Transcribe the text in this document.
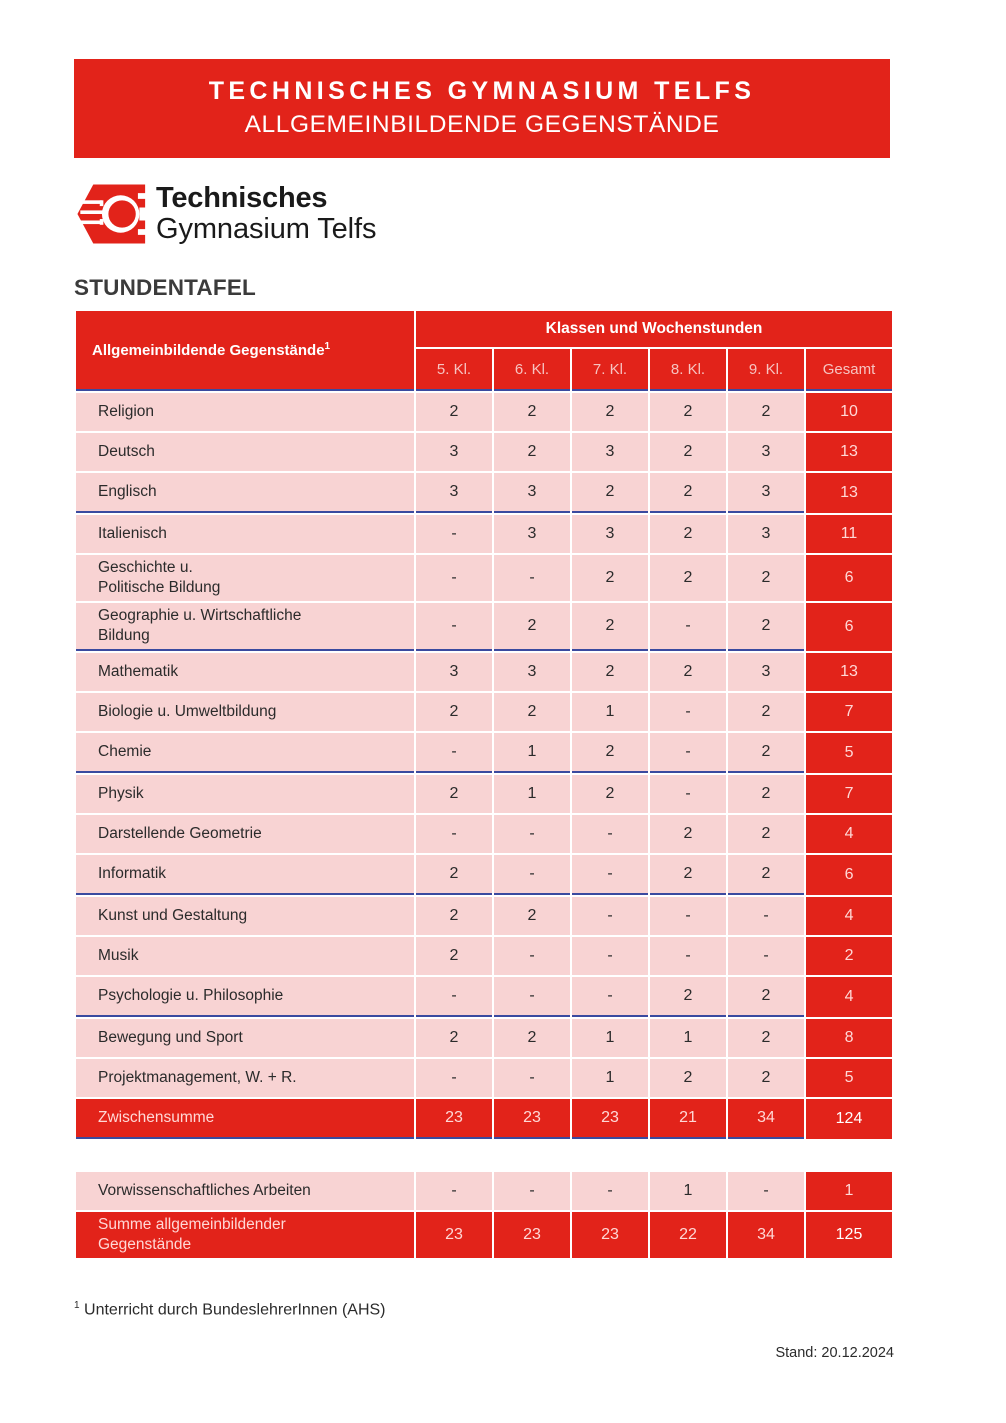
TECHNISCHES GYMNASIUM TELFS
ALLGEMEINBILDENDE GEGENSTÄNDE
Technisches
Gymnasium Telfs
STUNDENTAFEL
Allgemeinbildende Gegenstände$^1$	Klassen und Wochenstunden					
	5. Kl.	6. Kl.	7. Kl.	8. Kl.	9. Kl.	Gesamt
Religion	2	2	2	2	2	10
Deutsch	3	2	3	2	3	13
Englisch	3	3	2	2	3	13
Italienisch	-	3	3	2	3	11
Geschichte u.
Politische Bildung	-	-	2	2	2	6
Geographie u. Wirtschaftliche
Bildung	-	2	2	-	2	6
Mathematik	3	3	2	2	3	13
Biologie u. Umweltbildung	2	2	1	-	2	7
Chemie	-	1	2	-	2	5
Physik	2	1	2	-	2	7
Darstellende Geometrie	-	-	-	2	2	4
Informatik	2	-	-	2	2	6
Kunst und Gestaltung	2	2	-	-	-	4
Musik	2	-	-	-	-	2
Psychologie u. Philosophie	-	-	-	2	2	4
Bewegung und Sport	2	2	1	1	2	8
Projektmanagement, W. + R.	-	-	1	2	2	5
Zwischensumme	23	23	23	21	34	124
Vorwissenschaftliches Arbeiten	-	-	-	1	-	1
Summe allgemeinbildender
Gegenstände	23	23	23	22	34	125
$^1$ Unterricht durch BundeslehrerInnen (AHS)
Stand: 20.12.2024
